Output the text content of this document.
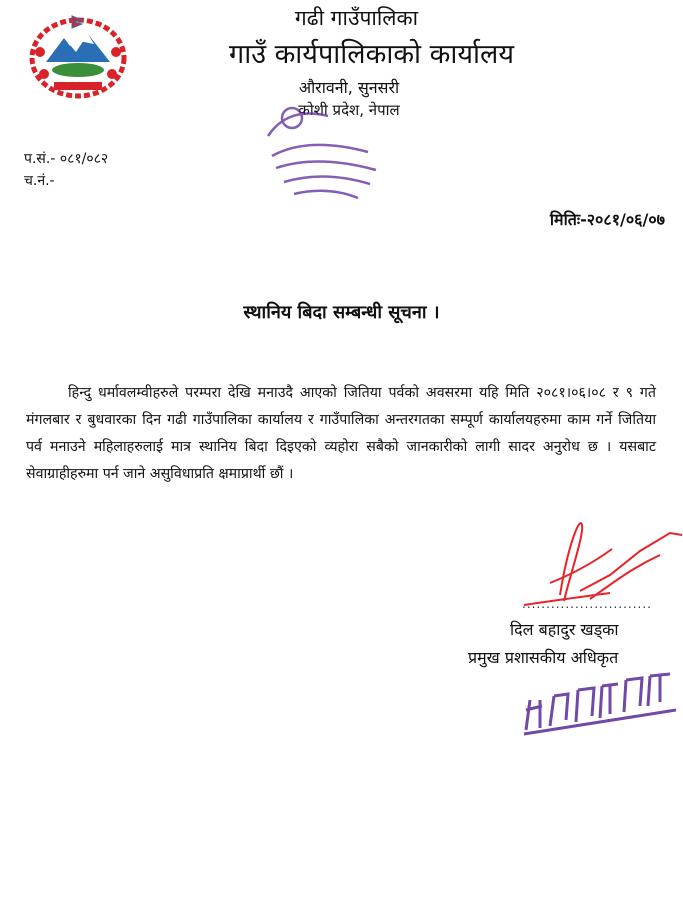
गढी गाउँपालिका
गाउँ कार्यपालिकाको कार्यालय
औरावनी, सुनसरी
कोशी प्रदेश, नेपाल
प.सं.- ०८१/०८२
च.नं.-
मितिः-२०८१/०६/०७
स्थानिय बिदा सम्बन्धी सूचना ।
हिन्दु धर्मावलम्वीहरुले परम्परा देखि मनाउदै आएको जितिया पर्वको अवसरमा यहि मिति २०८१।०६।०८ र ९ गते मंगलबार र बुधवारका दिन गढी गाउँपालिका कार्यालय र गाउँपालिका अन्तरगतका सम्पूर्ण कार्यालयहरुमा काम गर्ने जितिया पर्व मनाउने महिलाहरुलाई मात्र स्थानिय बिदा दिइएको व्यहोरा सबैको जानकारीको लागी सादर अनुरोध छ । यसबाट सेवाग्राहीहरुमा पर्न जाने असुविधाप्रति क्षमाप्रार्थी छौं ।
...........................
दिल बहादुर खड्का
प्रमुख प्रशासकीय अधिकृत
